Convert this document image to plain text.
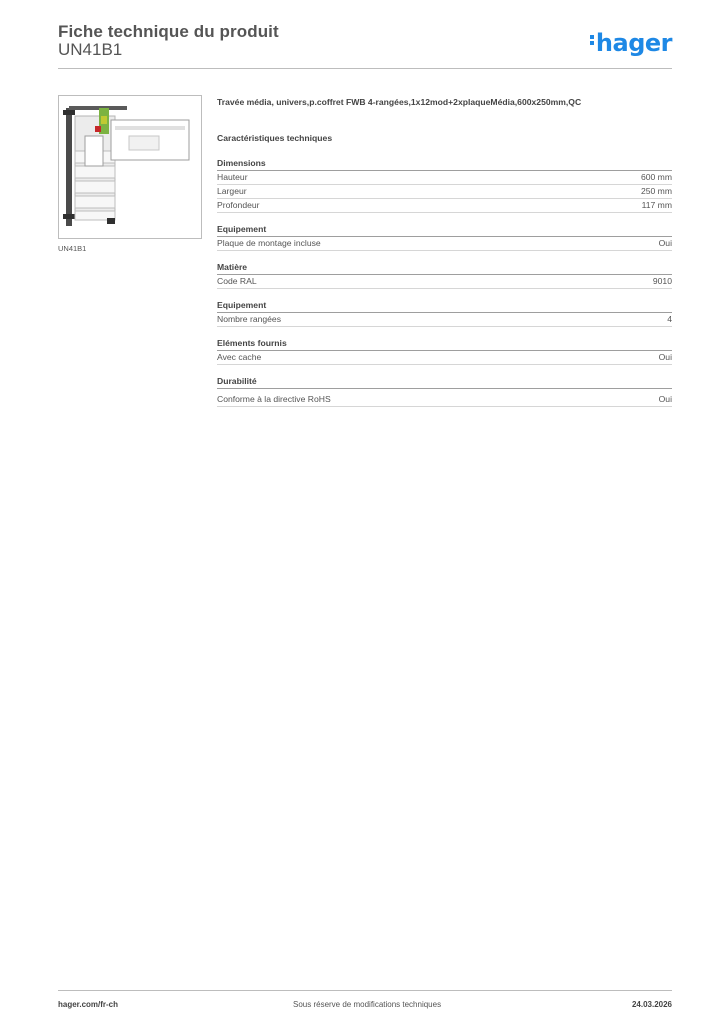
Fiche technique du produit
UN41B1	hager
UN41B1
Travée média, univers,p.coffret FWB 4-rangées,1x12mod+2xplaqueMédia,600x250mm,QC
Caractéristiques techniques
Dimensions
Hauteur	600 mm
Largeur	250 mm
Profondeur	117 mm
Equipement
Plaque de montage incluse	Oui
Matière
Code RAL	9010
Equipement
Nombre rangées	4
Eléments fournis
Avec cache	Oui
Durabilité
Conforme à la directive RoHS	Oui
hager.com/fr-ch	Sous réserve de modifications techniques	24.03.2026
